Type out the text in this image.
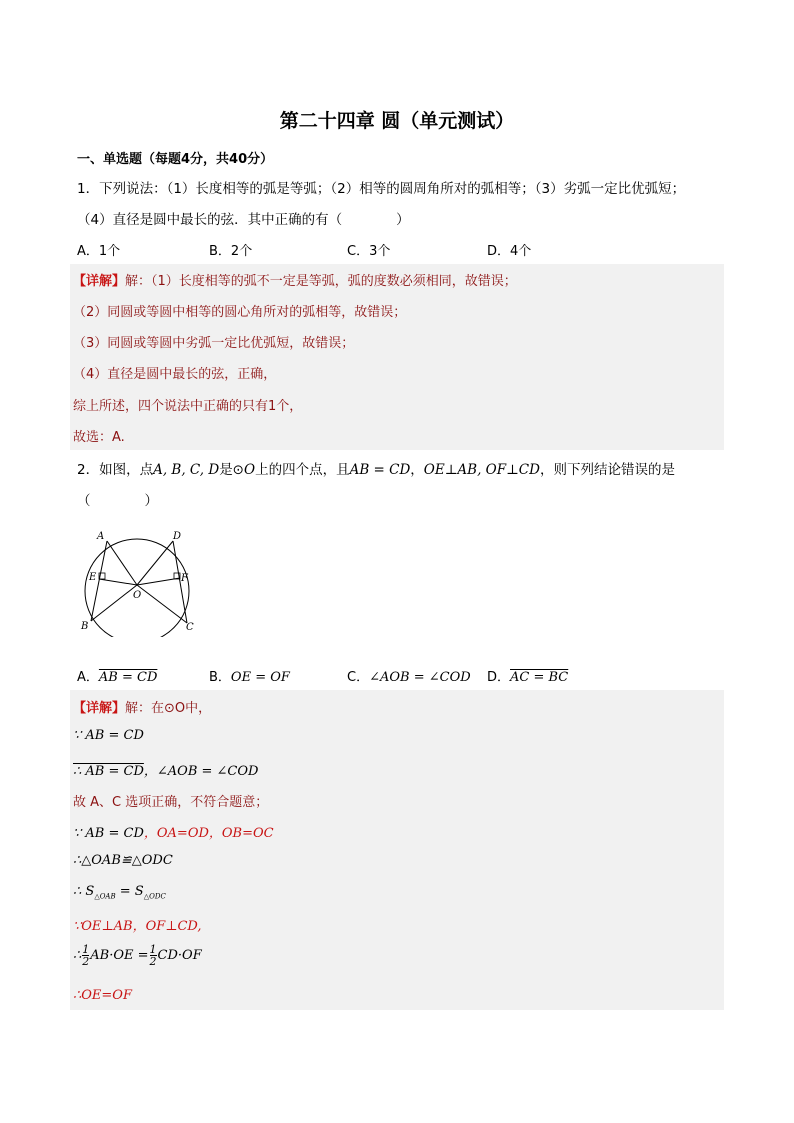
第二十四章 圆（单元测试）
一、单选题（每题4分，共40分）
1．下列说法：（1）长度相等的弧是等弧；（2）相等的圆周角所对的弧相等；（3）劣弧一定比优弧短；
（4）直径是圆中最长的弦．其中正确的有（　　　　）
A．1个	B．2个	C．3个	D．4个
【详解】解：（1）长度相等的弧不一定是等弧，弧的度数必须相同，故错误；
（2）同圆或等圆中相等的圆心角所对的弧相等，故错误；
（3）同圆或等圆中劣弧一定比优弧短，故错误；
（4）直径是圆中最长的弦，正确，
综上所述，四个说法中正确的只有1个，
故选：A.
2．如图，点A, B, C, D是⊙O上的四个点，且AB = CD，OE⊥AB, OF⊥CD，则下列结论错误的是
（　　　　）
A	D
E	F
O
B	C
A．AB = CD	B．OE = OF	C．∠AOB = ∠COD D．AC = BC
【详解】解：在⊙O中，
∵ AB = CD
∴ AB = CD，∠AOB = ∠COD
故 A、C 选项正确，不符合题意；
∵ AB = CD，OA=OD，OB=OC
∴△OAB≌△ODC
∴ $S_{\triangle OAB} = S_{\triangle ODC}$
∵OE⊥AB，OF⊥CD,
∴ $\frac{1}{2} AB\cdot OE = \frac{1}{2} CD\cdot OF$
∴OE=OF
